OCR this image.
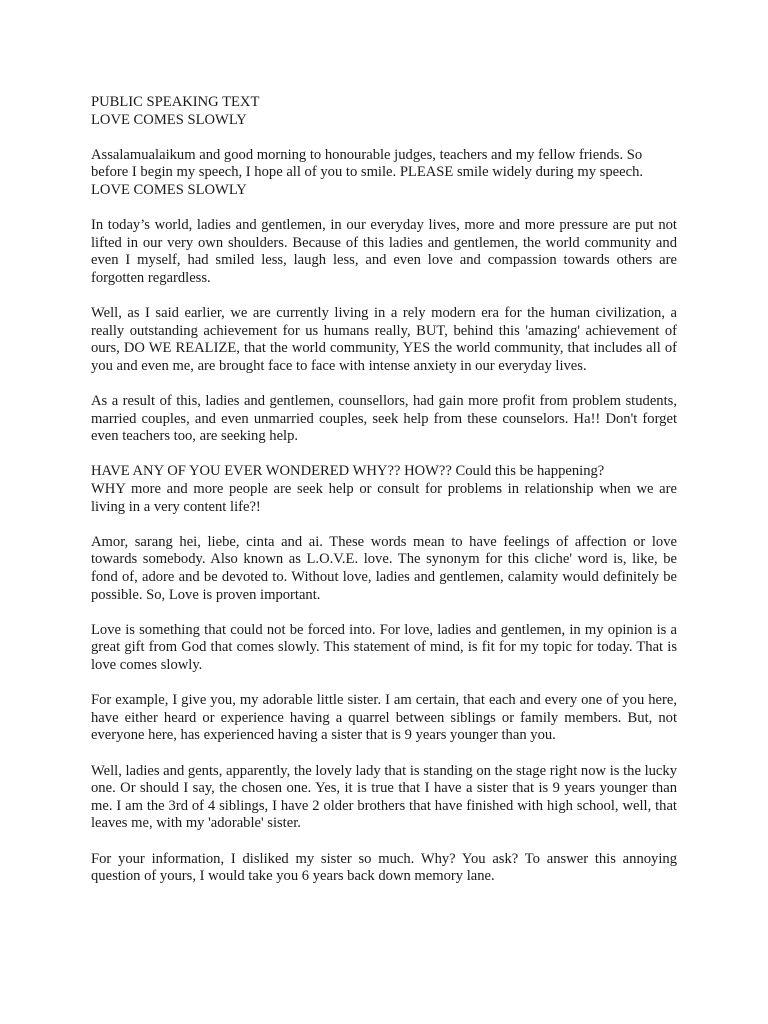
PUBLIC SPEAKING TEXT
LOVE COMES SLOWLY

Assalamualaikum and good morning to honourable judges, teachers and my fellow friends. So before I begin my speech, I hope all of you to smile. PLEASE smile widely during my speech.
LOVE COMES SLOWLY

In today’s world, ladies and gentlemen, in our everyday lives, more and more pressure are put not lifted in our very own shoulders. Because of this ladies and gentlemen, the world community and even I myself, had smiled less, laugh less, and even love and compassion towards others are forgotten regardless.

Well, as I said earlier, we are currently living in a rely modern era for the human civilization, a really outstanding achievement for us humans really, BUT, behind this 'amazing' achievement of ours, DO WE REALIZE, that the world community, YES the world community, that includes all of you and even me, are brought face to face with intense anxiety in our everyday lives.

As a result of this, ladies and gentlemen, counsellors, had gain more profit from problem students, married couples, and even unmarried couples, seek help from these counselors. Ha!! Don't forget even teachers too, are seeking help.

HAVE ANY OF YOU EVER WONDERED WHY?? HOW?? Could this be happening?
WHY more and more people are seek help or consult for problems in relationship when we are living in a very content life?!

Amor, sarang hei, liebe, cinta and ai. These words mean to have feelings of affection or love towards somebody. Also known as L.O.V.E. love. The synonym for this cliche' word is, like, be fond of, adore and be devoted to. Without love, ladies and gentlemen, calamity would definitely be possible. So, Love is proven important.

Love is something that could not be forced into. For love, ladies and gentlemen, in my opinion is a great gift from God that comes slowly. This statement of mind, is fit for my topic for today. That is love comes slowly.

For example, I give you, my adorable little sister. I am certain, that each and every one of you here, have either heard or experience having a quarrel between siblings or family members. But, not everyone here, has experienced having a sister that is 9 years younger than you.

Well, ladies and gents, apparently, the lovely lady that is standing on the stage right now is the lucky one. Or should I say, the chosen one. Yes, it is true that I have a sister that is 9 years younger than me. I am the 3rd of 4 siblings, I have 2 older brothers that have finished with high school, well, that leaves me, with my 'adorable' sister.

For your information, I disliked my sister so much. Why? You ask? To answer this annoying question of yours, I would take you 6 years back down memory lane.
